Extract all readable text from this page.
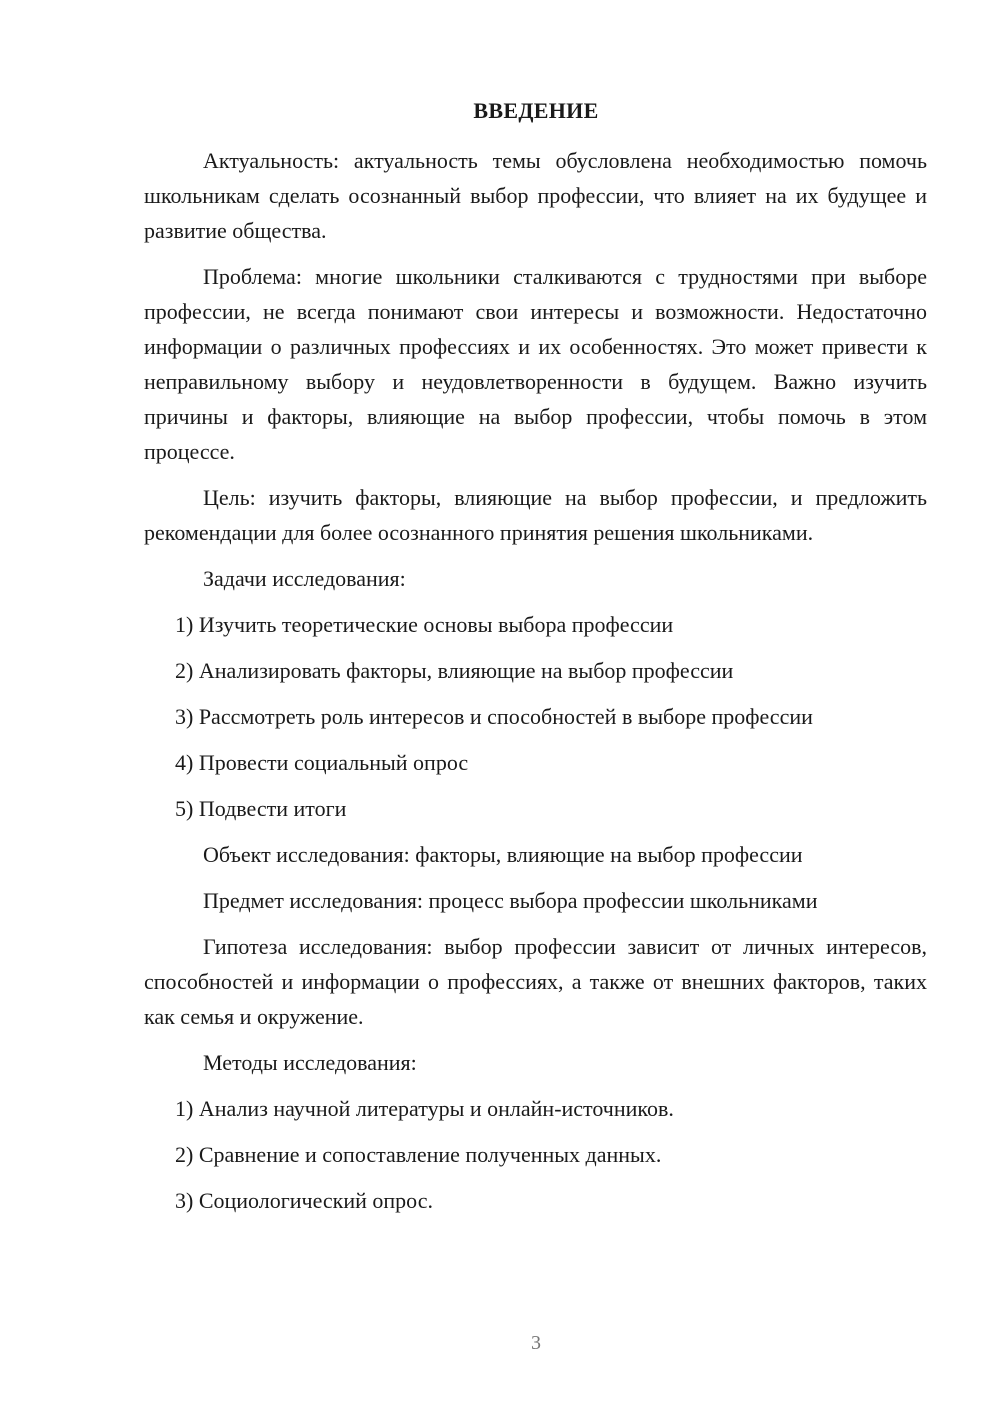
ВВЕДЕНИЕ

Актуальность: актуальность темы обусловлена необходимостью помочь школьникам сделать осознанный выбор профессии, что влияет на их будущее и развитие общества.

Проблема: многие школьники сталкиваются с трудностями при выборе профессии, не всегда понимают свои интересы и возможности. Недостаточно информации о различных профессиях и их особенностях. Это может привести к неправильному выбору и неудовлетворенности в будущем. Важно изучить причины и факторы, влияющие на выбор профессии, чтобы помочь в этом процессе.

Цель: изучить факторы, влияющие на выбор профессии, и предложить рекомендации для более осознанного принятия решения школьниками.

Задачи исследования:
1) Изучить теоретические основы выбора профессии
2) Анализировать факторы, влияющие на выбор профессии
3) Рассмотреть роль интересов и способностей в выборе профессии
4) Провести социальный опрос
5) Подвести итоги
Объект исследования: факторы, влияющие на выбор профессии
Предмет исследования: процесс выбора профессии школьниками

Гипотеза исследования: выбор профессии зависит от личных интересов, способностей и информации о профессиях, а также от внешних факторов, таких как семья и окружение.

Методы исследования:
1) Анализ научной литературы и онлайн-источников.
2) Сравнение и сопоставление полученных данных.
3) Социологический опрос.
3
